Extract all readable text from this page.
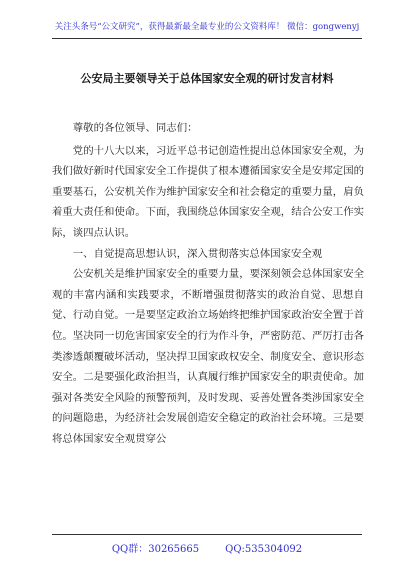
关注头条号“公文研究”，获得最新最全最专业的公文资料库！ 微信：gongwenyj
公安局主要领导关于总体国家安全观的研讨发言材料

尊敬的各位领导、同志们：

党的十八大以来，习近平总书记创造性提出总体国家安全观，为我们做好新时代国家安全工作提供了根本遵循国家安全是安邦定国的重要基石，公安机关作为维护国家安全和社会稳定的重要力量，肩负着重大责任和使命。下面，我围绕总体国家安全观，结合公安工作实际，谈四点认识。

一、自觉提高思想认识，深入贯彻落实总体国家安全观

公安机关是维护国家安全的重要力量，要深刻领会总体国家安全观的丰富内涵和实践要求，不断增强贯彻落实的政治自觉、思想自觉、行动自觉。一是要坚定政治立场始终把维护国家政治安全置于首位。坚决同一切危害国家安全的行为作斗争，严密防范、严厉打击各类渗透颠覆破坏活动，坚决捍卫国家政权安全、制度安全、意识形态安全。二是要强化政治担当，认真履行维护国家安全的职责使命。加强对各类安全风险的预警预判，及时发现、妥善处置各类涉国家安全的问题隐患，为经济社会发展创造安全稳定的政治社会环境。三是要将总体国家安全观贯穿公

QQ群：30265665	QQ:535304092
